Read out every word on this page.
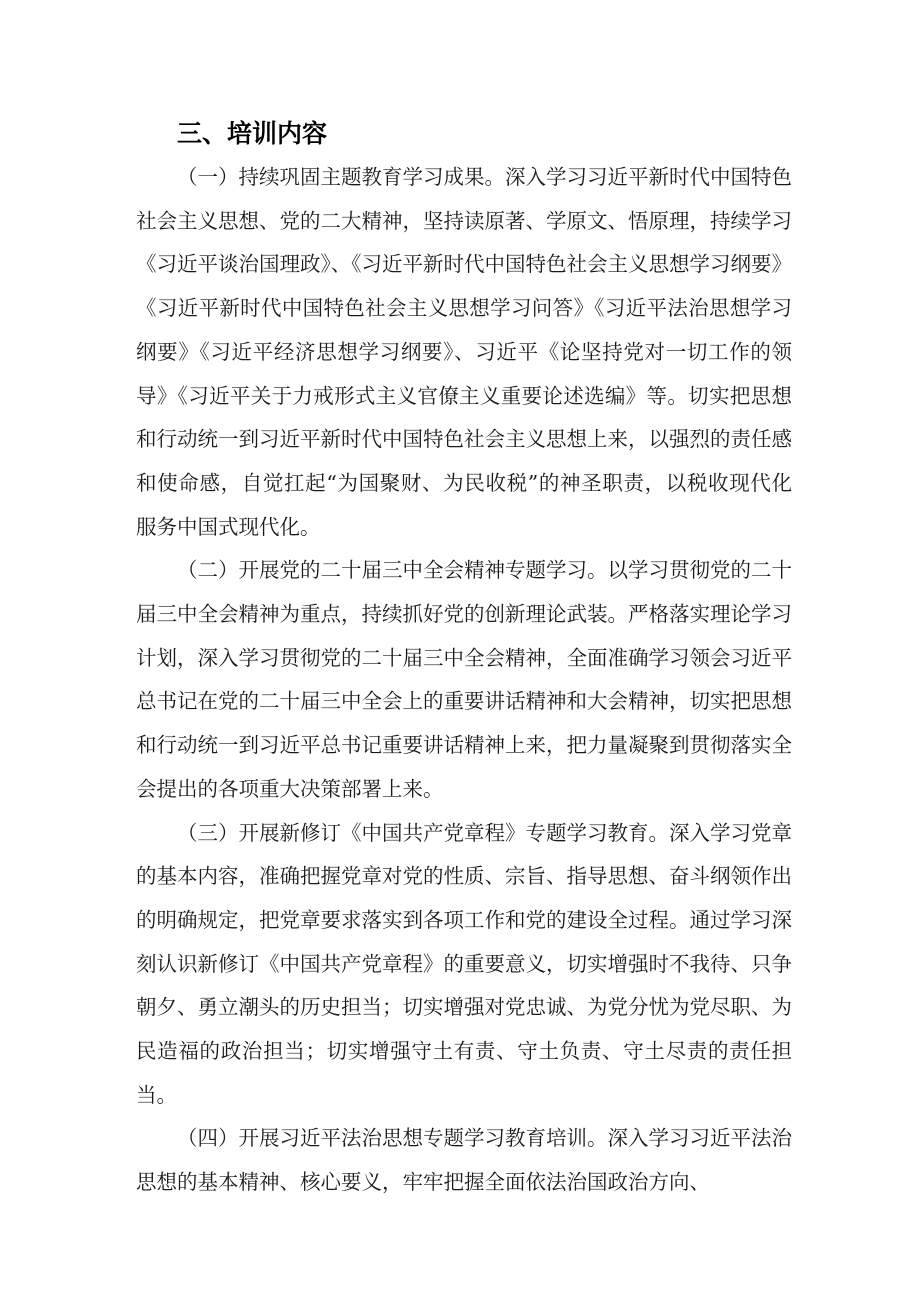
三、培训内容

（一）持续巩固主题教育学习成果。深入学习习近平新时代中国特色社会主义思想、党的二大精神，坚持读原著、学原文、悟原理，持续学习《习近平谈治国理政》、《习近平新时代中国特色社会主义思想学习纲要》《习近平新时代中国特色社会主义思想学习问答》《习近平法治思想学习纲要》《习近平经济思想学习纲要》、习近平《论坚持党对一切工作的领导》《习近平关于力戒形式主义官僚主义重要论述选编》等。切实把思想和行动统一到习近平新时代中国特色社会主义思想上来，以强烈的责任感和使命感，自觉扛起“为国聚财、为民收税”的神圣职责，以税收现代化服务中国式现代化。

（二）开展党的二十届三中全会精神专题学习。以学习贯彻党的二十届三中全会精神为重点，持续抓好党的创新理论武装。严格落实理论学习计划，深入学习贯彻党的二十届三中全会精神，全面准确学习领会习近平总书记在党的二十届三中全会上的重要讲话精神和大会精神，切实把思想和行动统一到习近平总书记重要讲话精神上来，把力量凝聚到贯彻落实全会提出的各项重大决策部署上来。

（三）开展新修订《中国共产党章程》专题学习教育。深入学习党章的基本内容，准确把握党章对党的性质、宗旨、指导思想、奋斗纲领作出的明确规定，把党章要求落实到各项工作和党的建设全过程。通过学习深刻认识新修订《中国共产党章程》的重要意义，切实增强时不我待、只争朝夕、勇立潮头的历史担当；切实增强对党忠诚、为党分忧为党尽职、为民造福的政治担当；切实增强守土有责、守土负责、守土尽责的责任担当。

（四）开展习近平法治思想专题学习教育培训。深入学习习近平法治思想的基本精神、核心要义，牢牢把握全面依法治国政治方向、
